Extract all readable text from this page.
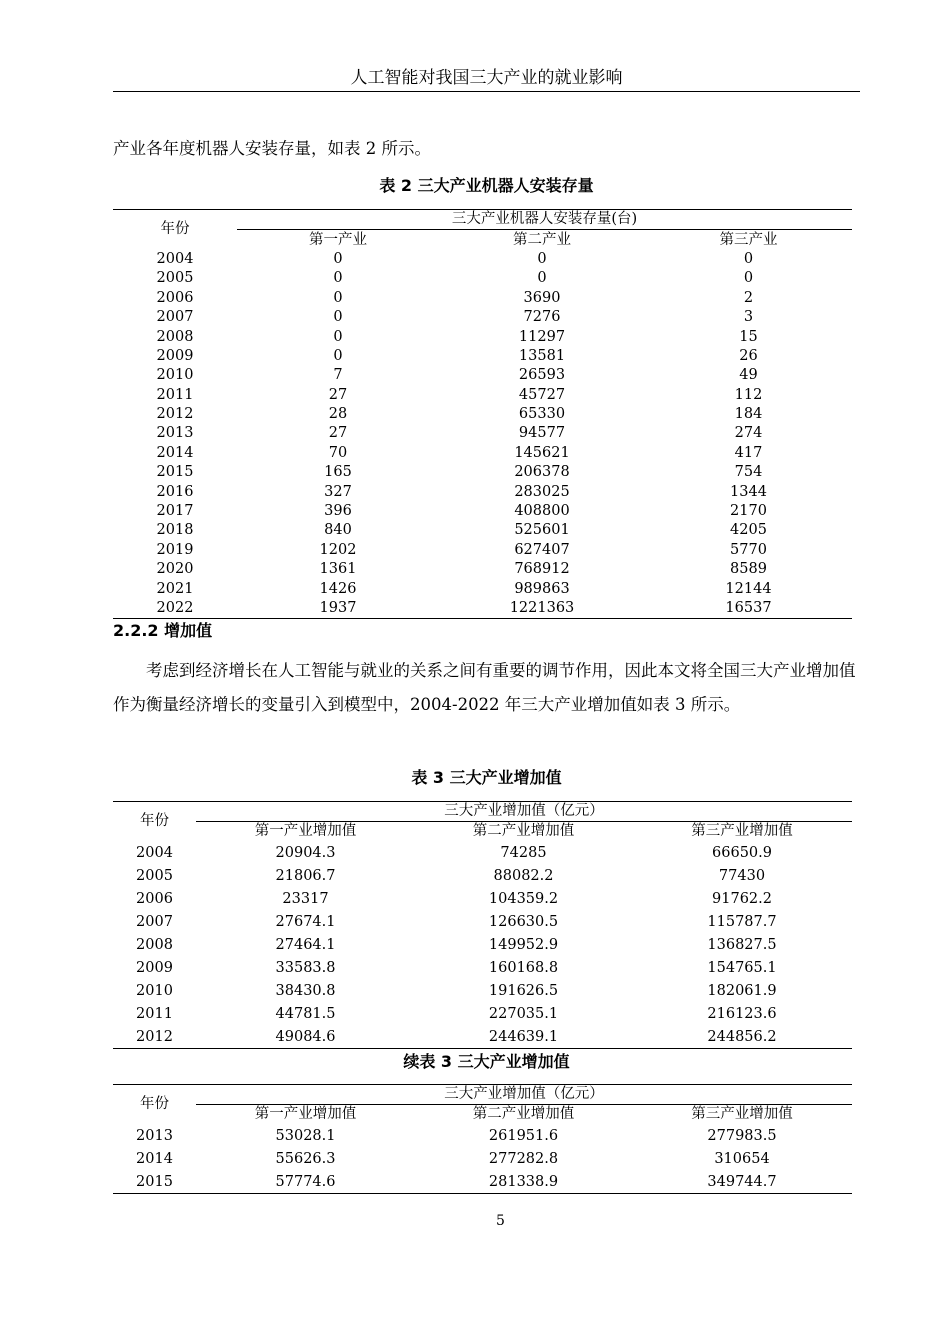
人工智能对我国三大产业的就业影响

产业各年度机器人安装存量，如表 2 所示。

表 2 三大产业机器人安装存量
年份	三大产业机器人安装存量(台)		
	第一产业	第二产业	第三产业
2004	0	0	0
2005	0	0	0
2006	0	3690	2
2007	0	7276	3
2008	0	11297	15
2009	0	13581	26
2010	7	26593	49
2011	27	45727	112
2012	28	65330	184
2013	27	94577	274
2014	70	145621	417
2015	165	206378	754
2016	327	283025	1344
2017	396	408800	2170
2018	840	525601	4205
2019	1202	627407	5770
2020	1361	768912	8589
2021	1426	989863	12144
2022	1937	1221363	16537
2.2.2 增加值

考虑到经济增长在人工智能与就业的关系之间有重要的调节作用，因此本文将全国三大产业增加值作为衡量经济增长的变量引入到模型中，2004-2022 年三大产业增加值如表 3 所示。

表 3 三大产业增加值
年份	三大产业增加值（亿元）		
	第一产业增加值	第二产业增加值	第三产业增加值
2004	20904.3	74285	66650.9
2005	21806.7	88082.2	77430
2006	23317	104359.2	91762.2
2007	27674.1	126630.5	115787.7
2008	27464.1	149952.9	136827.5
2009	33583.8	160168.8	154765.1
2010	38430.8	191626.5	182061.9
2011	44781.5	227035.1	216123.6
2012	49084.6	244639.1	244856.2
续表 3 三大产业增加值
年份	三大产业增加值（亿元）		
	第一产业增加值	第二产业增加值	第三产业增加值
2013	53028.1	261951.6	277983.5
2014	55626.3	277282.8	310654
2015	57774.6	281338.9	349744.7
5
